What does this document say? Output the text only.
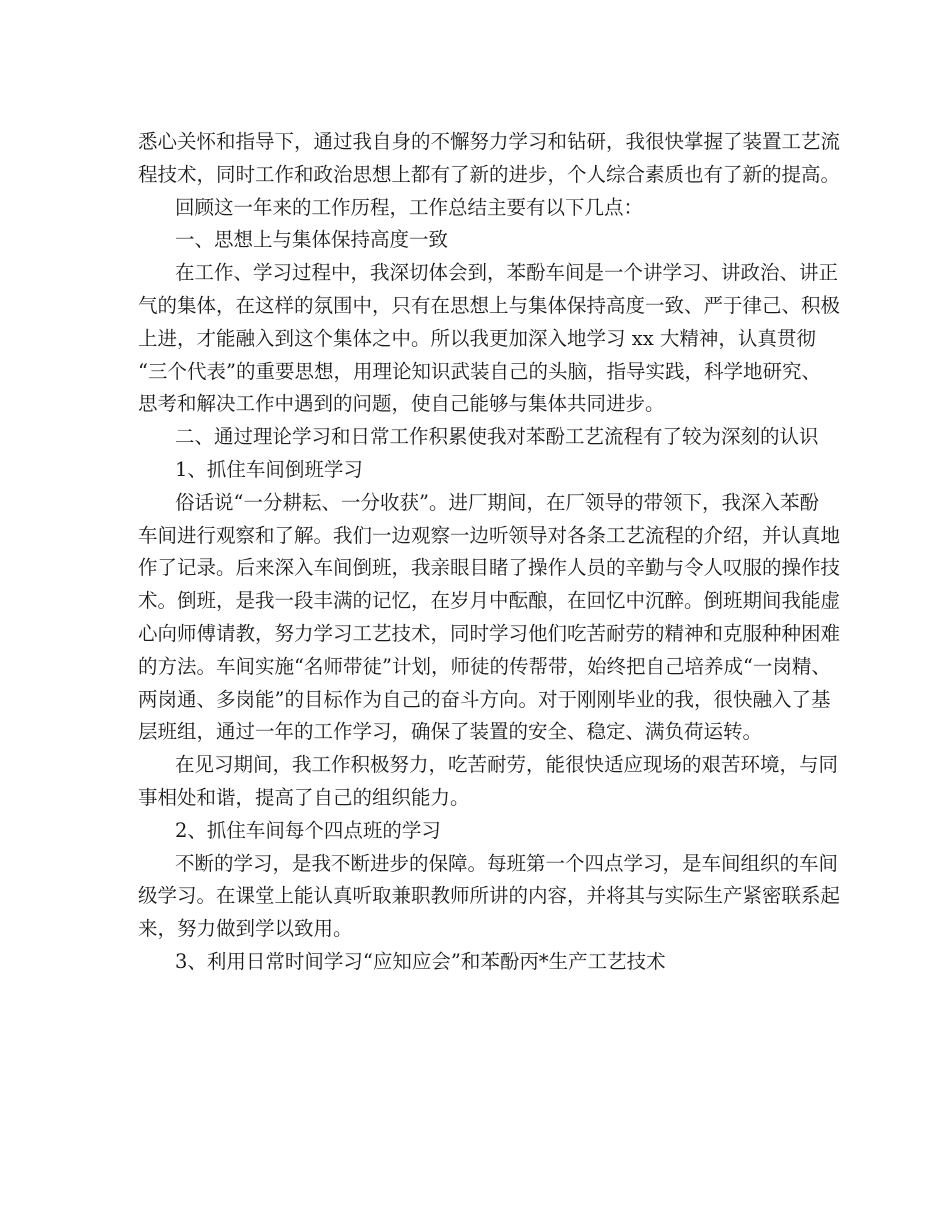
悉心关怀和指导下，通过我自身的不懈努力学习和钻研，我很快掌握了装置工艺流
程技术，同时工作和政治思想上都有了新的进步，个人综合素质也有了新的提高。
回顾这一年来的工作历程，工作总结主要有以下几点：
一、思想上与集体保持高度一致
在工作、学习过程中，我深切体会到，苯酚车间是一个讲学习、讲政治、讲正
气的集体，在这样的氛围中，只有在思想上与集体保持高度一致、严于律己、积极
上进，才能融入到这个集体之中。所以我更加深入地学习 xx 大精神，认真贯彻
“三个代表”的重要思想，用理论知识武装自己的头脑，指导实践，科学地研究、
思考和解决工作中遇到的问题，使自己能够与集体共同进步。
二、通过理论学习和日常工作积累使我对苯酚工艺流程有了较为深刻的认识
1、抓住车间倒班学习
俗话说“一分耕耘、一分收获”。进厂期间，在厂领导的带领下，我深入苯酚
车间进行观察和了解。我们一边观察一边听领导对各条工艺流程的介绍，并认真地
作了记录。后来深入车间倒班，我亲眼目睹了操作人员的辛勤与令人叹服的操作技
术。倒班，是我一段丰满的记忆，在岁月中酝酿，在回忆中沉醉。倒班期间我能虚
心向师傅请教，努力学习工艺技术，同时学习他们吃苦耐劳的精神和克服种种困难
的方法。车间实施“名师带徒”计划，师徒的传帮带，始终把自己培养成“一岗精、
两岗通、多岗能”的目标作为自己的奋斗方向。对于刚刚毕业的我，很快融入了基
层班组，通过一年的工作学习，确保了装置的安全、稳定、满负荷运转。
在见习期间，我工作积极努力，吃苦耐劳，能很快适应现场的艰苦环境，与同
事相处和谐，提高了自己的组织能力。
2、抓住车间每个四点班的学习
不断的学习，是我不断进步的保障。每班第一个四点学习，是车间组织的车间
级学习。在课堂上能认真听取兼职教师所讲的内容，并将其与实际生产紧密联系起
来，努力做到学以致用。
3、利用日常时间学习“应知应会”和苯酚丙*生产工艺技术
